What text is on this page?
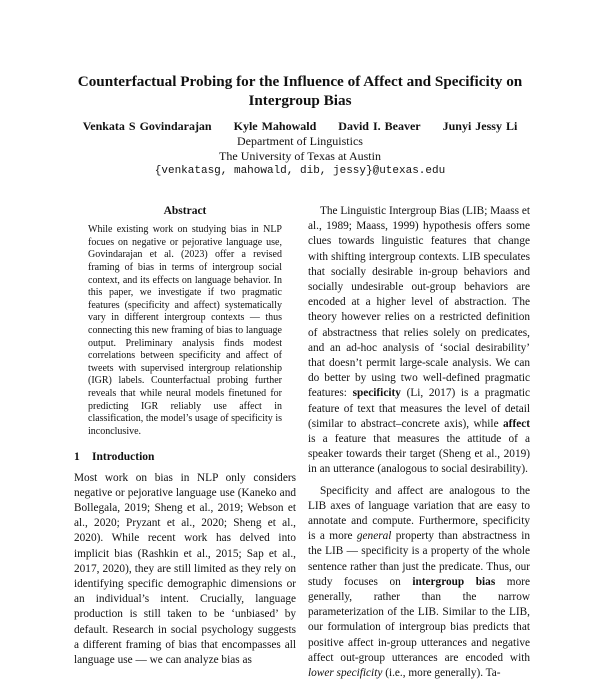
Counterfactual Probing for the Influence of Affect and Specificity on Intergroup Bias
Venkata S Govindarajan Kyle Mahowald David I. Beaver Junyi Jessy Li
Department of Linguistics
The University of Texas at Austin
{venkatasg, mahowald, dib, jessy}@utexas.edu
Abstract
While existing work on studying bias in NLP focues on negative or pejorative language use, Govindarajan et al. (2023) offer a revised framing of bias in terms of intergroup social context, and its effects on language behavior. In this paper, we investigate if two pragmatic features (specificity and affect) systematically vary in different intergroup contexts — thus connecting this new framing of bias to language output. Preliminary analysis finds modest correlations between specificity and affect of tweets with supervised intergroup relationship (IGR) labels. Counterfactual probing further reveals that while neural models finetuned for predicting IGR reliably use affect in classification, the model’s usage of specificity is inconclusive.
1 Introduction

Most work on bias in NLP only considers negative or pejorative language use (Kaneko and Bollegala, 2019; Sheng et al., 2019; Webson et al., 2020; Pryzant et al., 2020; Sheng et al., 2020). While recent work has delved into implicit bias (Rashkin et al., 2015; Sap et al., 2017, 2020), they are still limited as they rely on identifying specific demographic dimensions or an individual’s intent. Crucially, language production is still taken to be ‘unbiased’ by default. Research in social psychology suggests a different framing of bias that encompasses all language use — we can analyze bias as

The Linguistic Intergroup Bias (LIB; Maass et al., 1989; Maass, 1999) hypothesis offers some clues towards linguistic features that change with shifting intergroup contexts. LIB speculates that socially desirable in-group behaviors and socially undesirable out-group behaviors are encoded at a higher level of abstraction. The theory however relies on a restricted definition of abstractness that relies solely on predicates, and an ad-hoc analysis of ‘social desirability’ that doesn’t permit large-scale analysis. We can do better by using two well-defined pragmatic features: specificity (Li, 2017) is a pragmatic feature of text that measures the level of detail (similar to abstract–concrete axis), while affect is a feature that measures the attitude of a speaker towards their target (Sheng et al., 2019) in an utterance (analogous to social desirability).

Specificity and affect are analogous to the LIB axes of language variation that are easy to annotate and compute. Furthermore, specificity is a more general property than abstractness in the LIB — specificity is a property of the whole sentence rather than just the predicate. Thus, our study focuses on intergroup bias more generally, rather than the narrow parameterization of the LIB. Similar to the LIB, our formulation of intergroup bias predicts that positive affect in-group utterances and negative affect out-group utterances are encoded with lower specificity (i.e., more generally). Ta-
